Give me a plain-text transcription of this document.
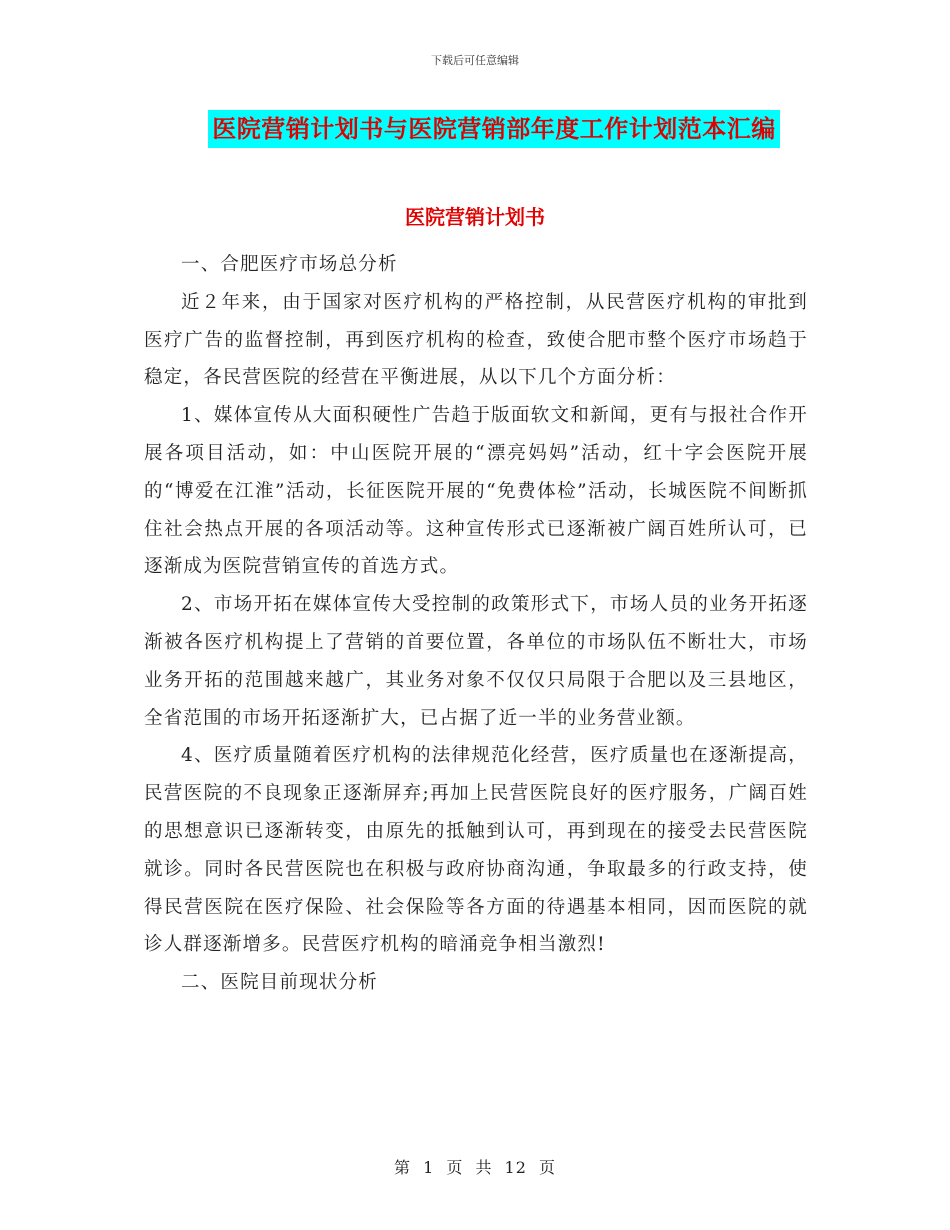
下载后可任意编辑
医院营销计划书与医院营销部年度工作计划范本汇编
医院营销计划书

一、合肥医疗市场总分析

近２年来，由于国家对医疗机构的严格控制，从民营医疗机构的审批到医疗广告的监督控制，再到医疗机构的检查，致使合肥市整个医疗市场趋于稳定，各民营医院的经营在平衡进展，从以下几个方面分析：

1、媒体宣传从大面积硬性广告趋于版面软文和新闻，更有与报社合作开展各项目活动，如：中山医院开展的“漂亮妈妈”活动，红十字会医院开展的“博爱在江淮”活动，长征医院开展的“免费体检”活动，长城医院不间断抓住社会热点开展的各项活动等。这种宣传形式已逐渐被广阔百姓所认可，已逐渐成为医院营销宣传的首选方式。

2、市场开拓在媒体宣传大受控制的政策形式下，市场人员的业务开拓逐渐被各医疗机构提上了营销的首要位置，各单位的市场队伍不断壮大，市场业务开拓的范围越来越广，其业务对象不仅仅只局限于合肥以及三县地区，全省范围的市场开拓逐渐扩大，已占据了近一半的业务营业额。

4、医疗质量随着医疗机构的法律规范化经营，医疗质量也在逐渐提高，民营医院的不良现象正逐渐屏弃;再加上民营医院良好的医疗服务，广阔百姓的思想意识已逐渐转变，由原先的抵触到认可，再到现在的接受去民营医院就诊。同时各民营医院也在积极与政府协商沟通，争取最多的行政支持，使得民营医院在医疗保险、社会保险等各方面的待遇基本相同，因而医院的就诊人群逐渐增多。民营医疗机构的暗涌竞争相当激烈!

二、医院目前现状分析

第 1 页 共 12 页
